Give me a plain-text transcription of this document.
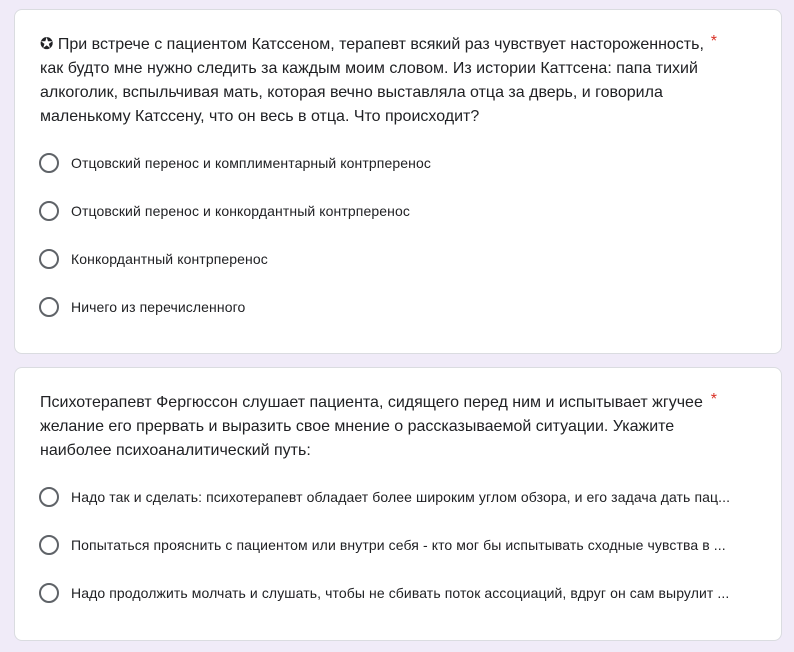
✪ При встрече с пациентом Катссеном, терапевт всякий раз чувствует настороженность, как будто мне нужно следить за каждым моим словом. Из истории Каттсена: папа тихий алкоголик, вспыльчивая мать, которая вечно выставляла отца за дверь, и говорила маленькому Катссену, что он весь в отца. Что происходит?
*
Отцовский перенос и комплиментарный контрперенос
Отцовский перенос и конкордантный контрперенос
Конкордантный контрперенос
Ничего из перечисленного
Психотерапевт Фергюссон слушает пациента, сидящего перед ним и испытывает жгучее желание его прервать и выразить свое мнение о рассказываемой ситуации. Укажите наиболее психоаналитический путь:
*
Надо так и сделать: психотерапевт обладает более широким углом обзора, и его задача дать пац...
Попытаться прояснить с пациентом или внутри себя - кто мог бы испытывать сходные чувства в ...
Надо продолжить молчать и слушать, чтобы не сбивать поток ассоциаций, вдруг он сам вырулит ...
